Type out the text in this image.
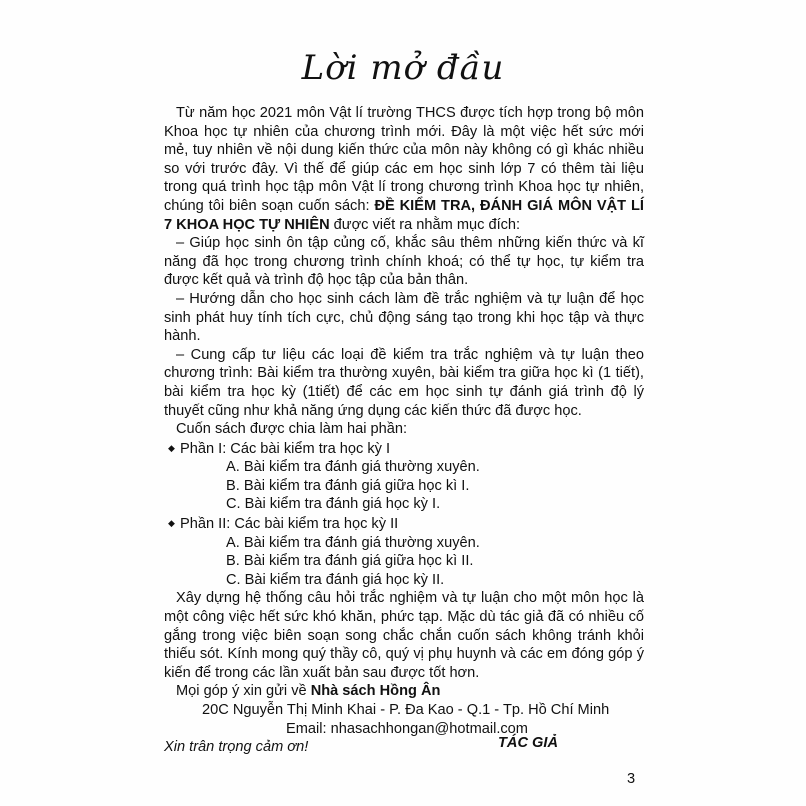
Lời mở đầu

Từ năm học 2021 môn Vật lí trường THCS được tích hợp trong bộ môn Khoa học tự nhiên của chương trình mới. Đây là một việc hết sức mới mẻ, tuy nhiên về nội dung kiến thức của môn này không có gì khác nhiều so với trước đây. Vì thế để giúp các em học sinh lớp 7 có thêm tài liệu trong quá trình học tập môn Vật lí trong chương trình Khoa học tự nhiên, chúng tôi biên soạn cuốn sách: ĐỀ KIỂM TRA, ĐÁNH GIÁ MÔN VẬT LÍ 7 KHOA HỌC TỰ NHIÊN được viết ra nhằm mục đích:

– Giúp học sinh ôn tập củng cố, khắc sâu thêm những kiến thức và kĩ năng đã học trong chương trình chính khoá; có thể tự học, tự kiểm tra được kết quả và trình độ học tập của bản thân.

– Hướng dẫn cho học sinh cách làm đề trắc nghiệm và tự luận để học sinh phát huy tính tích cực, chủ động sáng tạo trong khi học tập và thực hành.

– Cung cấp tư liệu các loại đề kiểm tra trắc nghiệm và tự luận theo chương trình: Bài kiểm tra thường xuyên, bài kiểm tra giữa học kì (1 tiết), bài kiểm tra học kỳ (1tiết) để các em học sinh tự đánh giá trình độ lý thuyết cũng như khả năng ứng dụng các kiến thức đã được học.

Cuốn sách được chia làm hai phần:

◆ Phần I: Các bài kiểm tra học kỳ I

A. Bài kiểm tra đánh giá thường xuyên.

B. Bài kiểm tra đánh giá giữa học kì I.

C. Bài kiểm tra đánh giá học kỳ I.

◆ Phần II: Các bài kiểm tra học kỳ II

A. Bài kiểm tra đánh giá thường xuyên.

B. Bài kiểm tra đánh giá giữa học kì II.

C. Bài kiểm tra đánh giá học kỳ II.

Xây dựng hệ thống câu hỏi trắc nghiệm và tự luận cho một môn học là một công việc hết sức khó khăn, phức tạp. Mặc dù tác giả đã có nhiều cố gắng trong việc biên soạn song chắc chắn cuốn sách không tránh khỏi thiếu sót. Kính mong quý thầy cô, quý vị phụ huynh và các em đóng góp ý kiến để trong các lần xuất bản sau được tốt hơn.

Mọi góp ý xin gửi về Nhà sách Hồng Ân

20C Nguyễn Thị Minh Khai - P. Đa Kao - Q.1 - Tp. Hồ Chí Minh

Email: nhasachhongan@hotmail.com

Xin trân trọng cảm ơn!	TÁC GIẢ
3
